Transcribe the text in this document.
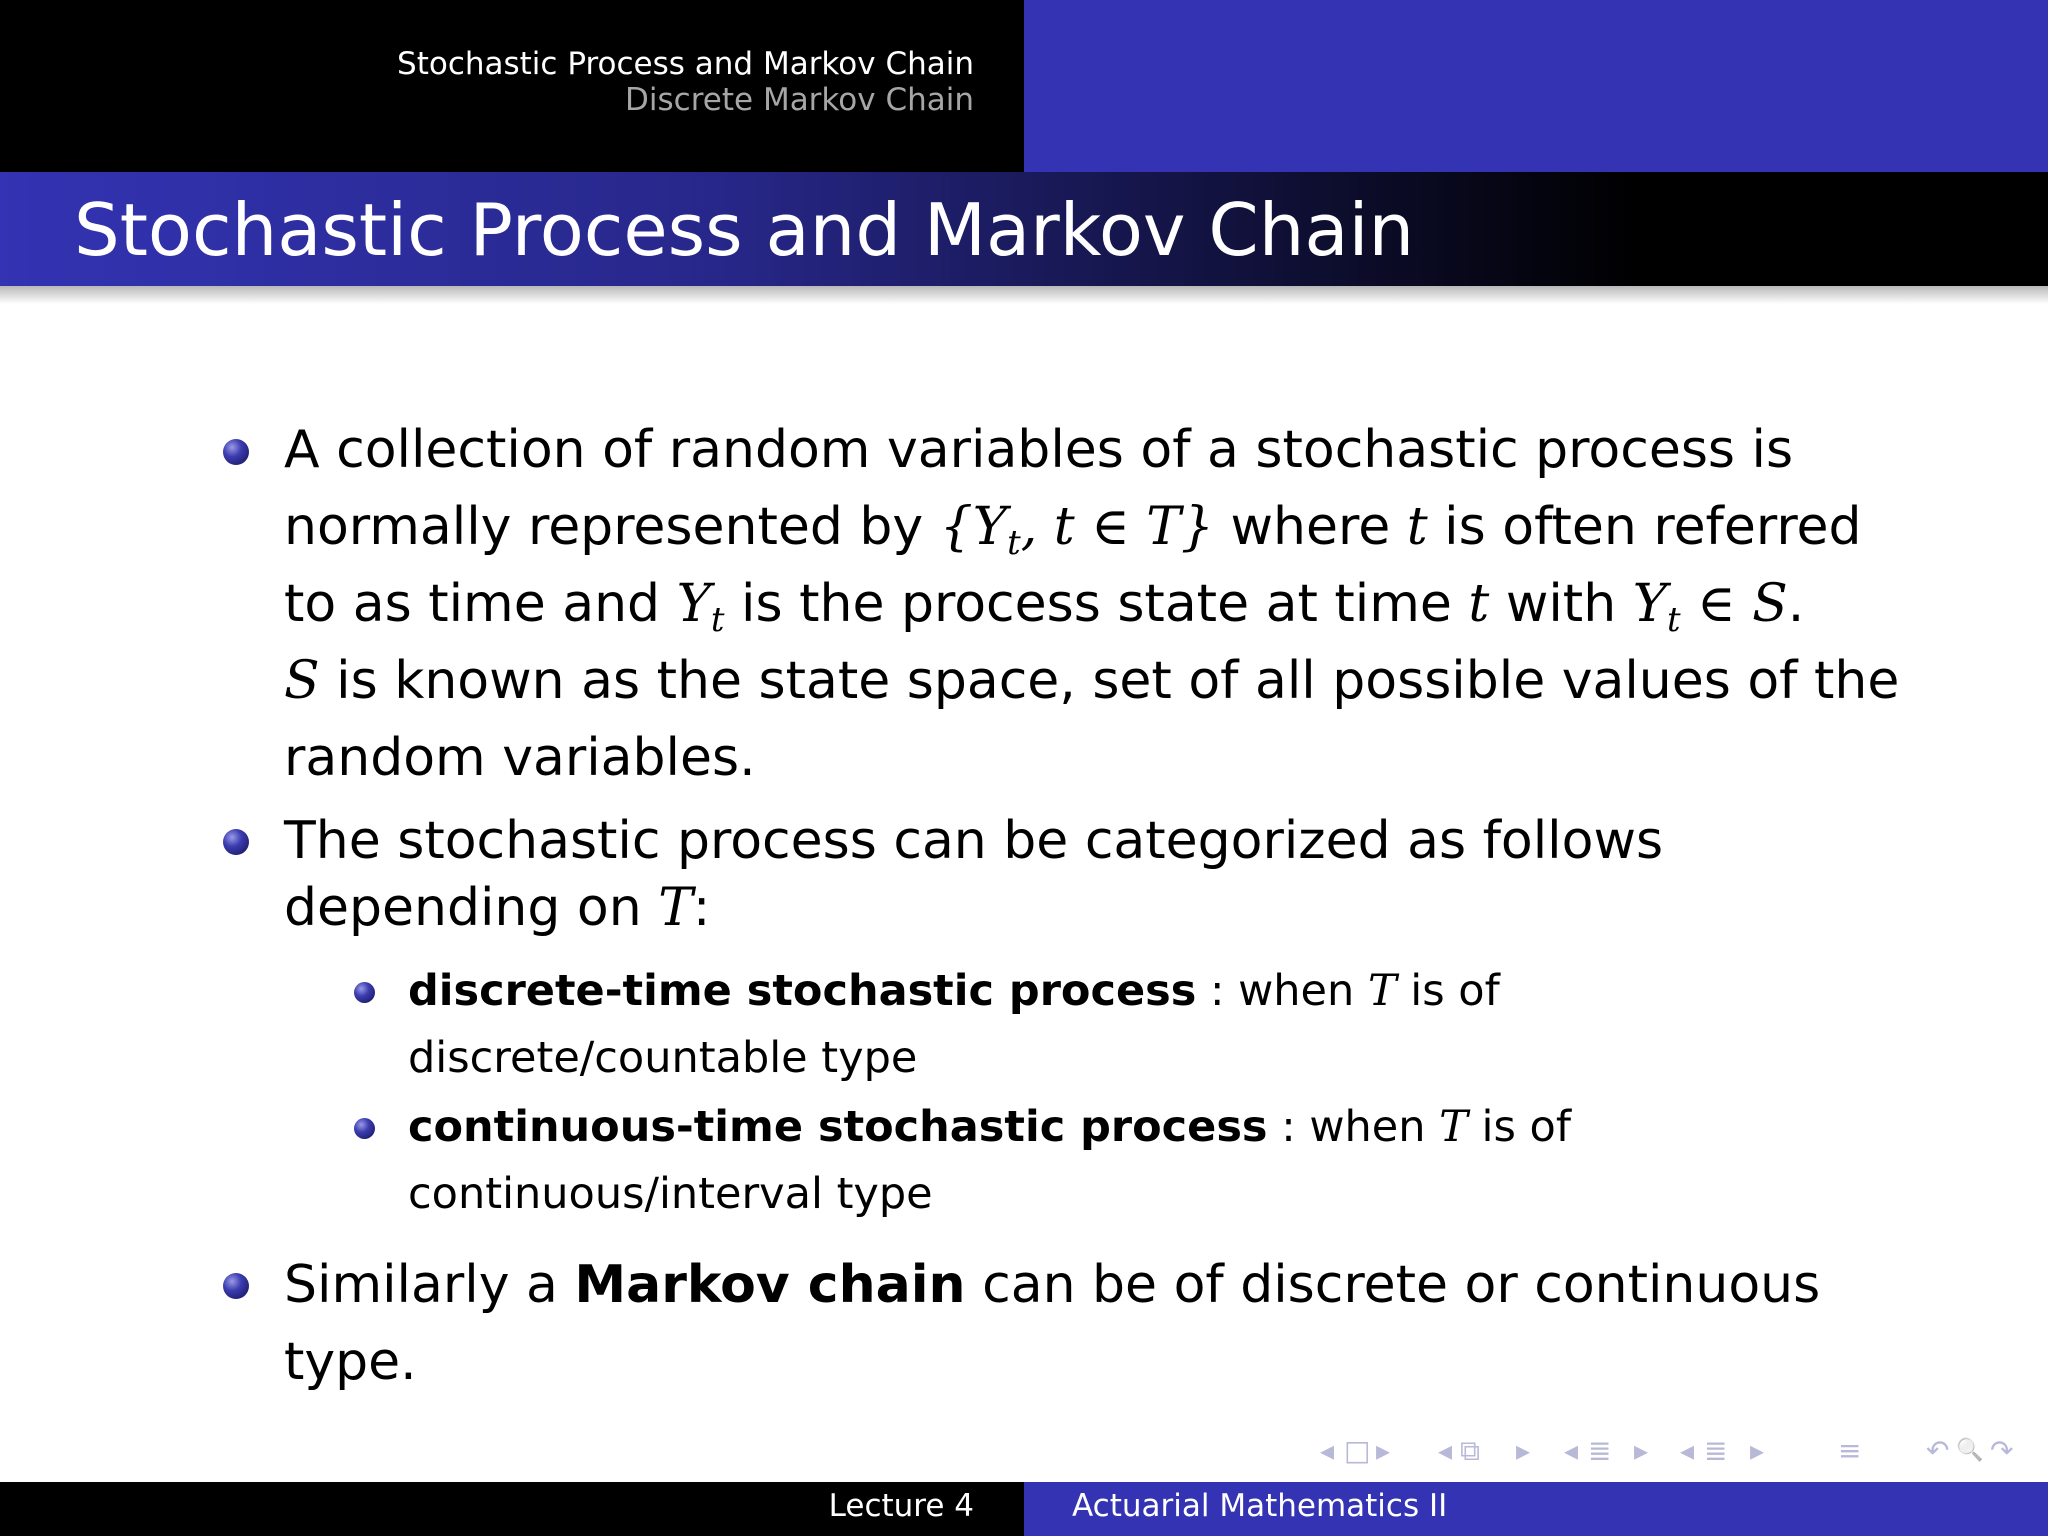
Stochastic Process and Markov Chain
Discrete Markov Chain
Stochastic Process and Markov Chain
A collection of random variables of a stochastic process is
normally represented by {$Y_t$, t ∈ T} where t is often referred
to as time and $Y_t$ is the process state at time t with $Y_t$ ∈ S.
S is known as the state space, set of all possible values of the
random variables.
The stochastic process can be categorized as follows
depending on T:
discrete-time stochastic process : when T is of
discrete/countable type
continuous-time stochastic process : when T is of
continuous/interval type
Similarly a Markov chain can be of discrete or continuous
type.
◂ □ ▸ ◂ ⧉ ▸ ◂ ≣ ▸ ◂ ≣ ▸	≡ ↶ 🔍 ↷
Lecture 4	Actuarial Mathematics II
